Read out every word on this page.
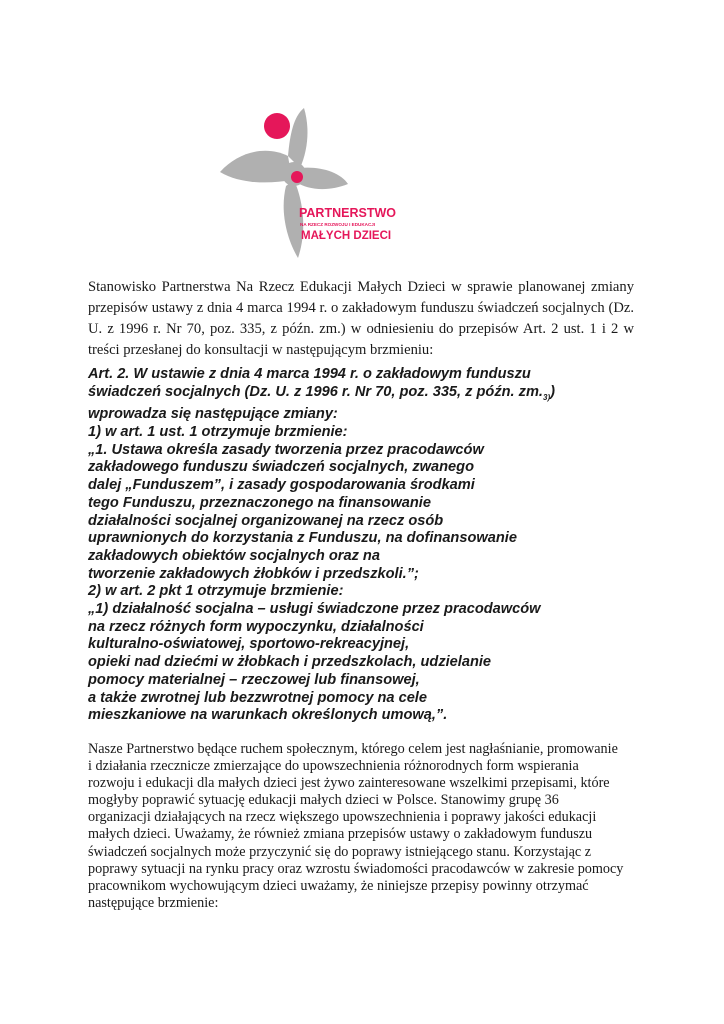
PARTNERSTWO
NA RZECZ ROZWOJU I EDUKACJI
MAŁYCH DZIECI

Stanowisko Partnerstwa Na Rzecz Edukacji Małych Dzieci w sprawie planowanej zmiany przepisów ustawy z dnia 4 marca 1994 r. o zakładowym funduszu świadczeń socjalnych (Dz. U. z 1996 r. Nr 70, poz. 335, z późn. zm.) w odniesieniu do przepisów Art. 2 ust. 1 i 2 w treści przesłanej do konsultacji w następującym brzmieniu:

Art. 2. W ustawie z dnia 4 marca 1994 r. o zakładowym funduszu
świadczeń socjalnych (Dz. U. z 1996 r. Nr 70, poz. 335, z późn. $zm._{3)}$)
wprowadza się następujące zmiany:
1) w art. 1 ust. 1 otrzymuje brzmienie:
„1. Ustawa określa zasady tworzenia przez pracodawców
zakładowego funduszu świadczeń socjalnych, zwanego
dalej „Funduszem”, i zasady gospodarowania środkami
tego Funduszu, przeznaczonego na finansowanie
działalności socjalnej organizowanej na rzecz osób
uprawnionych do korzystania z Funduszu, na dofinansowanie
zakładowych obiektów socjalnych oraz na
tworzenie zakładowych żłobków i przedszkoli.”;
2) w art. 2 pkt 1 otrzymuje brzmienie:
„1) działalność socjalna – usługi świadczone przez pracodawców
na rzecz różnych form wypoczynku, działalności
kulturalno-oświatowej, sportowo-rekreacyjnej,
opieki nad dziećmi w żłobkach i przedszkolach, udzielanie
pomocy materialnej – rzeczowej lub finansowej,
a także zwrotnej lub bezzwrotnej pomocy na cele
mieszkaniowe na warunkach określonych umową,”.
Nasze Partnerstwo będące ruchem społecznym, którego celem jest nagłaśnianie, promowanie
i działania rzecznicze zmierzające do upowszechnienia różnorodnych form wspierania
rozwoju i edukacji dla małych dzieci jest żywo zainteresowane wszelkimi przepisami, które
mogłyby poprawić sytuację edukacji małych dzieci w Polsce. Stanowimy grupę 36
organizacji działających na rzecz większego upowszechnienia i poprawy jakości edukacji
małych dzieci. Uważamy, że również zmiana przepisów ustawy o zakładowym funduszu
świadczeń socjalnych może przyczynić się do poprawy istniejącego stanu. Korzystając z
poprawy sytuacji na rynku pracy oraz wzrostu świadomości pracodawców w zakresie pomocy
pracownikom wychowującym dzieci uważamy, że niniejsze przepisy powinny otrzymać
następujące brzmienie:
